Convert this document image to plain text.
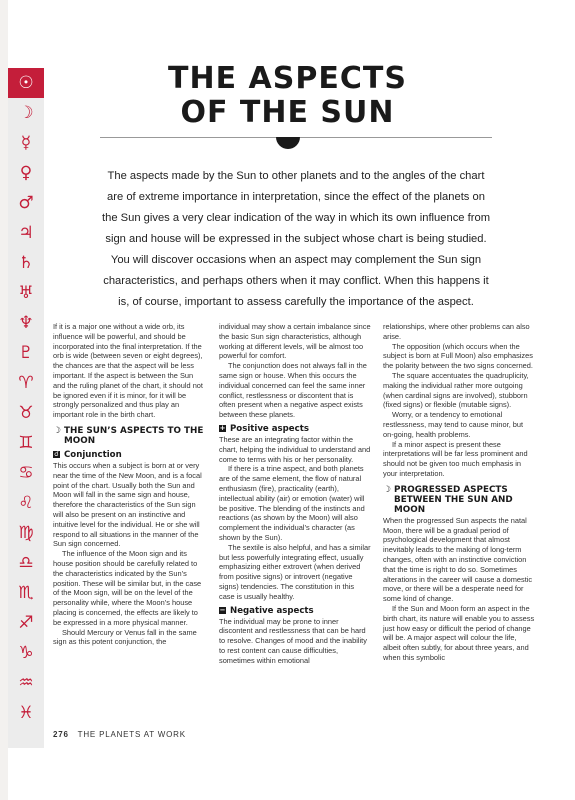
☉
☽
☿
♀
♂
♃
♄
♅
♆
♇
♈
♉
♊
♋
♌
♍
♎
♏
♐
♑
♒
♓
THE ASPECTS
OF THE SUN

The aspects made by the Sun to other planets and to the angles of the chart are of extreme importance in interpretation, since the effect of the planets on the Sun gives a very clear indication of the way in which its own influence from sign and house will be expressed in the subject whose chart is being studied. You will discover occasions when an aspect may complement the Sun sign characteristics, and perhaps others when it may conflict. When this happens it is, of course, important to assess carefully the importance of the aspect.

If it is a major one without a wide orb, its influence will be powerful, and should be incorporated into the final interpretation. If the orb is wide (between seven or eight degrees), the chances are that the aspect will be less important. If the aspect is between the Sun and the ruling planet of the chart, it should not be ignored even if it is minor, for it will be strongly personalized and thus play an important role in the birth chart.

☽ THE SUN’S ASPECTS TO THE MOON
☌ Conjunction

This occurs when a subject is born at or very near the time of the New Moon, and is a focal point of the chart. Usually both the Sun and Moon will fall in the same sign and house, therefore the characteristics of the Sun sign will also be present on an instinctive and intuitive level for the individual. He or she will respond to all situations in the manner of the Sun sign concerned.

The influence of the Moon sign and its house position should be carefully related to the characteristics indicated by the Sun’s position. These will be similar but, in the case of the Moon sign, will be on the level of the personality while, where the Moon’s house placing is concerned, the effects are likely to be expressed in a more physical manner.

Should Mercury or Venus fall in the same sign as this potent conjunction, the

individual may show a certain imbalance since the basic Sun sign characteristics, although working at different levels, will be almost too powerful for comfort.

The conjunction does not always fall in the same sign or house. When this occurs the individual concerned can feel the same inner conflict, restlessness or discontent that is often present when a negative aspect exists between these planets.

+ Positive aspects

These are an integrating factor within the chart, helping the individual to understand and come to terms with his or her personality.

If there is a trine aspect, and both planets are of the same element, the flow of natural enthusiasm (fire), practicality (earth), intellectual ability (air) or emotion (water) will be positive. The blending of the instincts and reactions (as shown by the Moon) will also complement the individual’s character (as shown by the Sun).

The sextile is also helpful, and has a similar but less powerfully integrating effect, usually emphasizing either extrovert (when derived from positive signs) or introvert (negative signs) tendencies. The constitution in this case is usually healthy.

− Negative aspects

The individual may be prone to inner discontent and restlessness that can be hard to resolve. Changes of mood and the inability to rest content can cause difficulties, sometimes within emotional

relationships, where other problems can also arise.

The opposition (which occurs when the subject is born at Full Moon) also emphasizes the polarity between the two signs concerned.

The square accentuates the quadruplicity, making the individual rather more outgoing (when cardinal signs are involved), stubborn (fixed signs) or flexible (mutable signs).

Worry, or a tendency to emotional restlessness, may tend to cause minor, but on-going, health problems.

If a minor aspect is present these interpretations will be far less prominent and should not be given too much emphasis in your interpretation.

☽ PROGRESSED ASPECTS BETWEEN THE SUN AND MOON

When the progressed Sun aspects the natal Moon, there will be a gradual period of psychological development that almost inevitably leads to the making of long-term changes, often with an instinctive conviction that the time is right to do so. Sometimes alterations in the career will cause a domestic move, or there will be a desperate need for some kind of change.

If the Sun and Moon form an aspect in the birth chart, its nature will enable you to assess just how easy or difficult the period of change will be. A major aspect will colour the life, albeit often subtly, for about three years, and when this symbolic

276 THE PLANETS AT WORK
